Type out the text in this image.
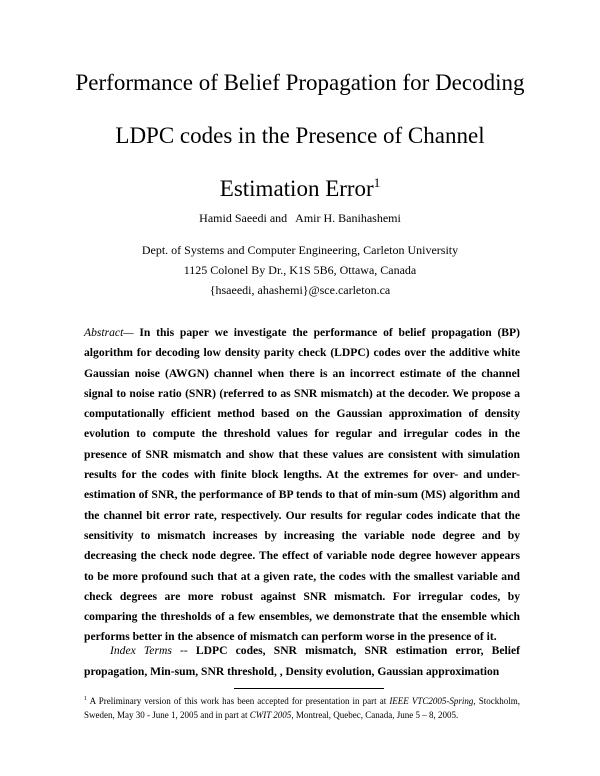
Performance of Belief Propagation for Decoding
LDPC codes in the Presence of Channel
Estimation Error$^1$
Hamid Saeedi and Amir H. Banihashemi
Dept. of Systems and Computer Engineering, Carleton University
1125 Colonel By Dr., K1S 5B6, Ottawa, Canada
{hsaeedi, ahashemi}@sce.carleton.ca
Abstract— In this paper we investigate the performance of belief propagation (BP) algorithm for decoding low density parity check (LDPC) codes over the additive white Gaussian noise (AWGN) channel when there is an incorrect estimate of the channel signal to noise ratio (SNR) (referred to as SNR mismatch) at the decoder. We propose a computationally efficient method based on the Gaussian approximation of density evolution to compute the threshold values for regular and irregular codes in the presence of SNR mismatch and show that these values are consistent with simulation results for the codes with finite block lengths. At the extremes for over- and under-estimation of SNR, the performance of BP tends to that of min-sum (MS) algorithm and the channel bit error rate, respectively. Our results for regular codes indicate that the sensitivity to mismatch increases by increasing the variable node degree and by decreasing the check node degree. The effect of variable node degree however appears to be more profound such that at a given rate, the codes with the smallest variable and check degrees are more robust against SNR mismatch. For irregular codes, by comparing the thresholds of a few ensembles, we demonstrate that the ensemble which performs better in the absence of mismatch can perform worse in the presence of it.
Index Terms -- LDPC codes, SNR mismatch, SNR estimation error, Belief propagation, Min-sum, SNR threshold, , Density evolution, Gaussian approximation
$^1$ A Preliminary version of this work has been accepted for presentation in part at IEEE VTC2005-Spring, Stockholm, Sweden, May 30 - June 1, 2005 and in part at CWIT 2005, Montreal, Quebec, Canada, June 5 – 8, 2005.
